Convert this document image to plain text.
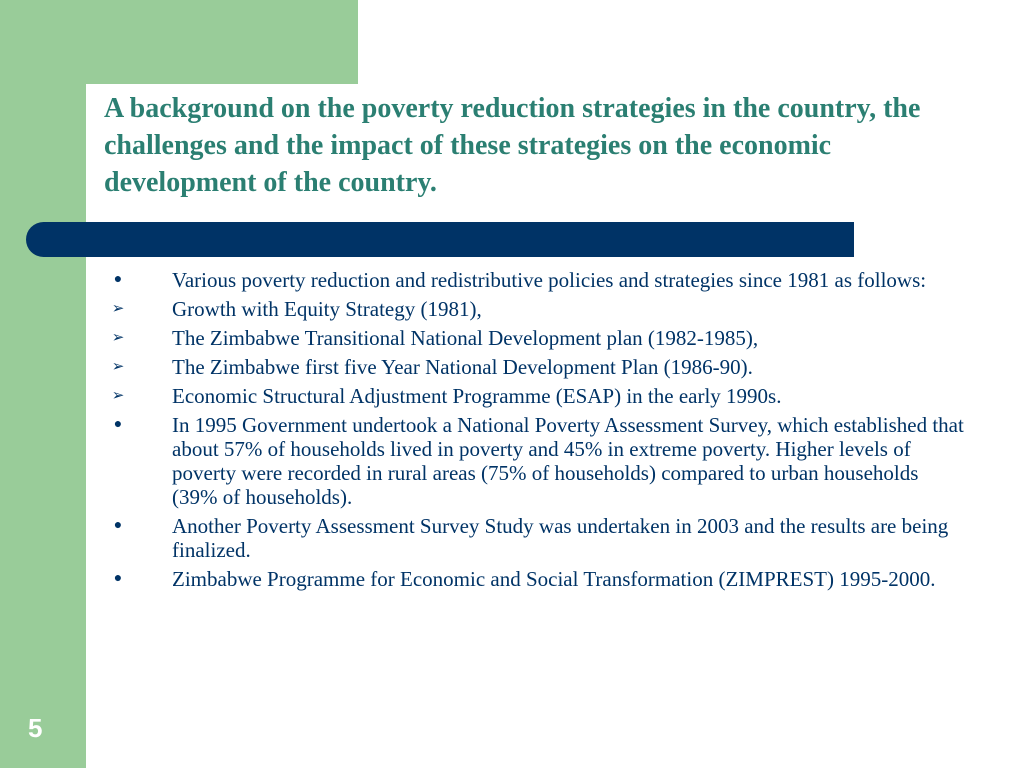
A background on the poverty reduction strategies in the country, the challenges and the impact of these strategies on the economic development of the country.
● Various poverty reduction and redistributive policies and strategies since 1981 as follows:
➢ Growth with Equity Strategy (1981),
➢ The Zimbabwe Transitional National Development plan (1982-1985),
➢ The Zimbabwe first five Year National Development Plan (1986-90).
➢ Economic Structural Adjustment Programme (ESAP) in the early 1990s.
● In 1995 Government undertook a National Poverty Assessment Survey, which established that about 57% of households lived in poverty and 45% in extreme poverty. Higher levels of poverty were recorded in rural areas (75% of households) compared to urban households (39% of households).
● Another Poverty Assessment Survey Study was undertaken in 2003 and the results are being finalized.
● Zimbabwe Programme for Economic and Social Transformation (ZIMPREST) 1995-2000.
5
